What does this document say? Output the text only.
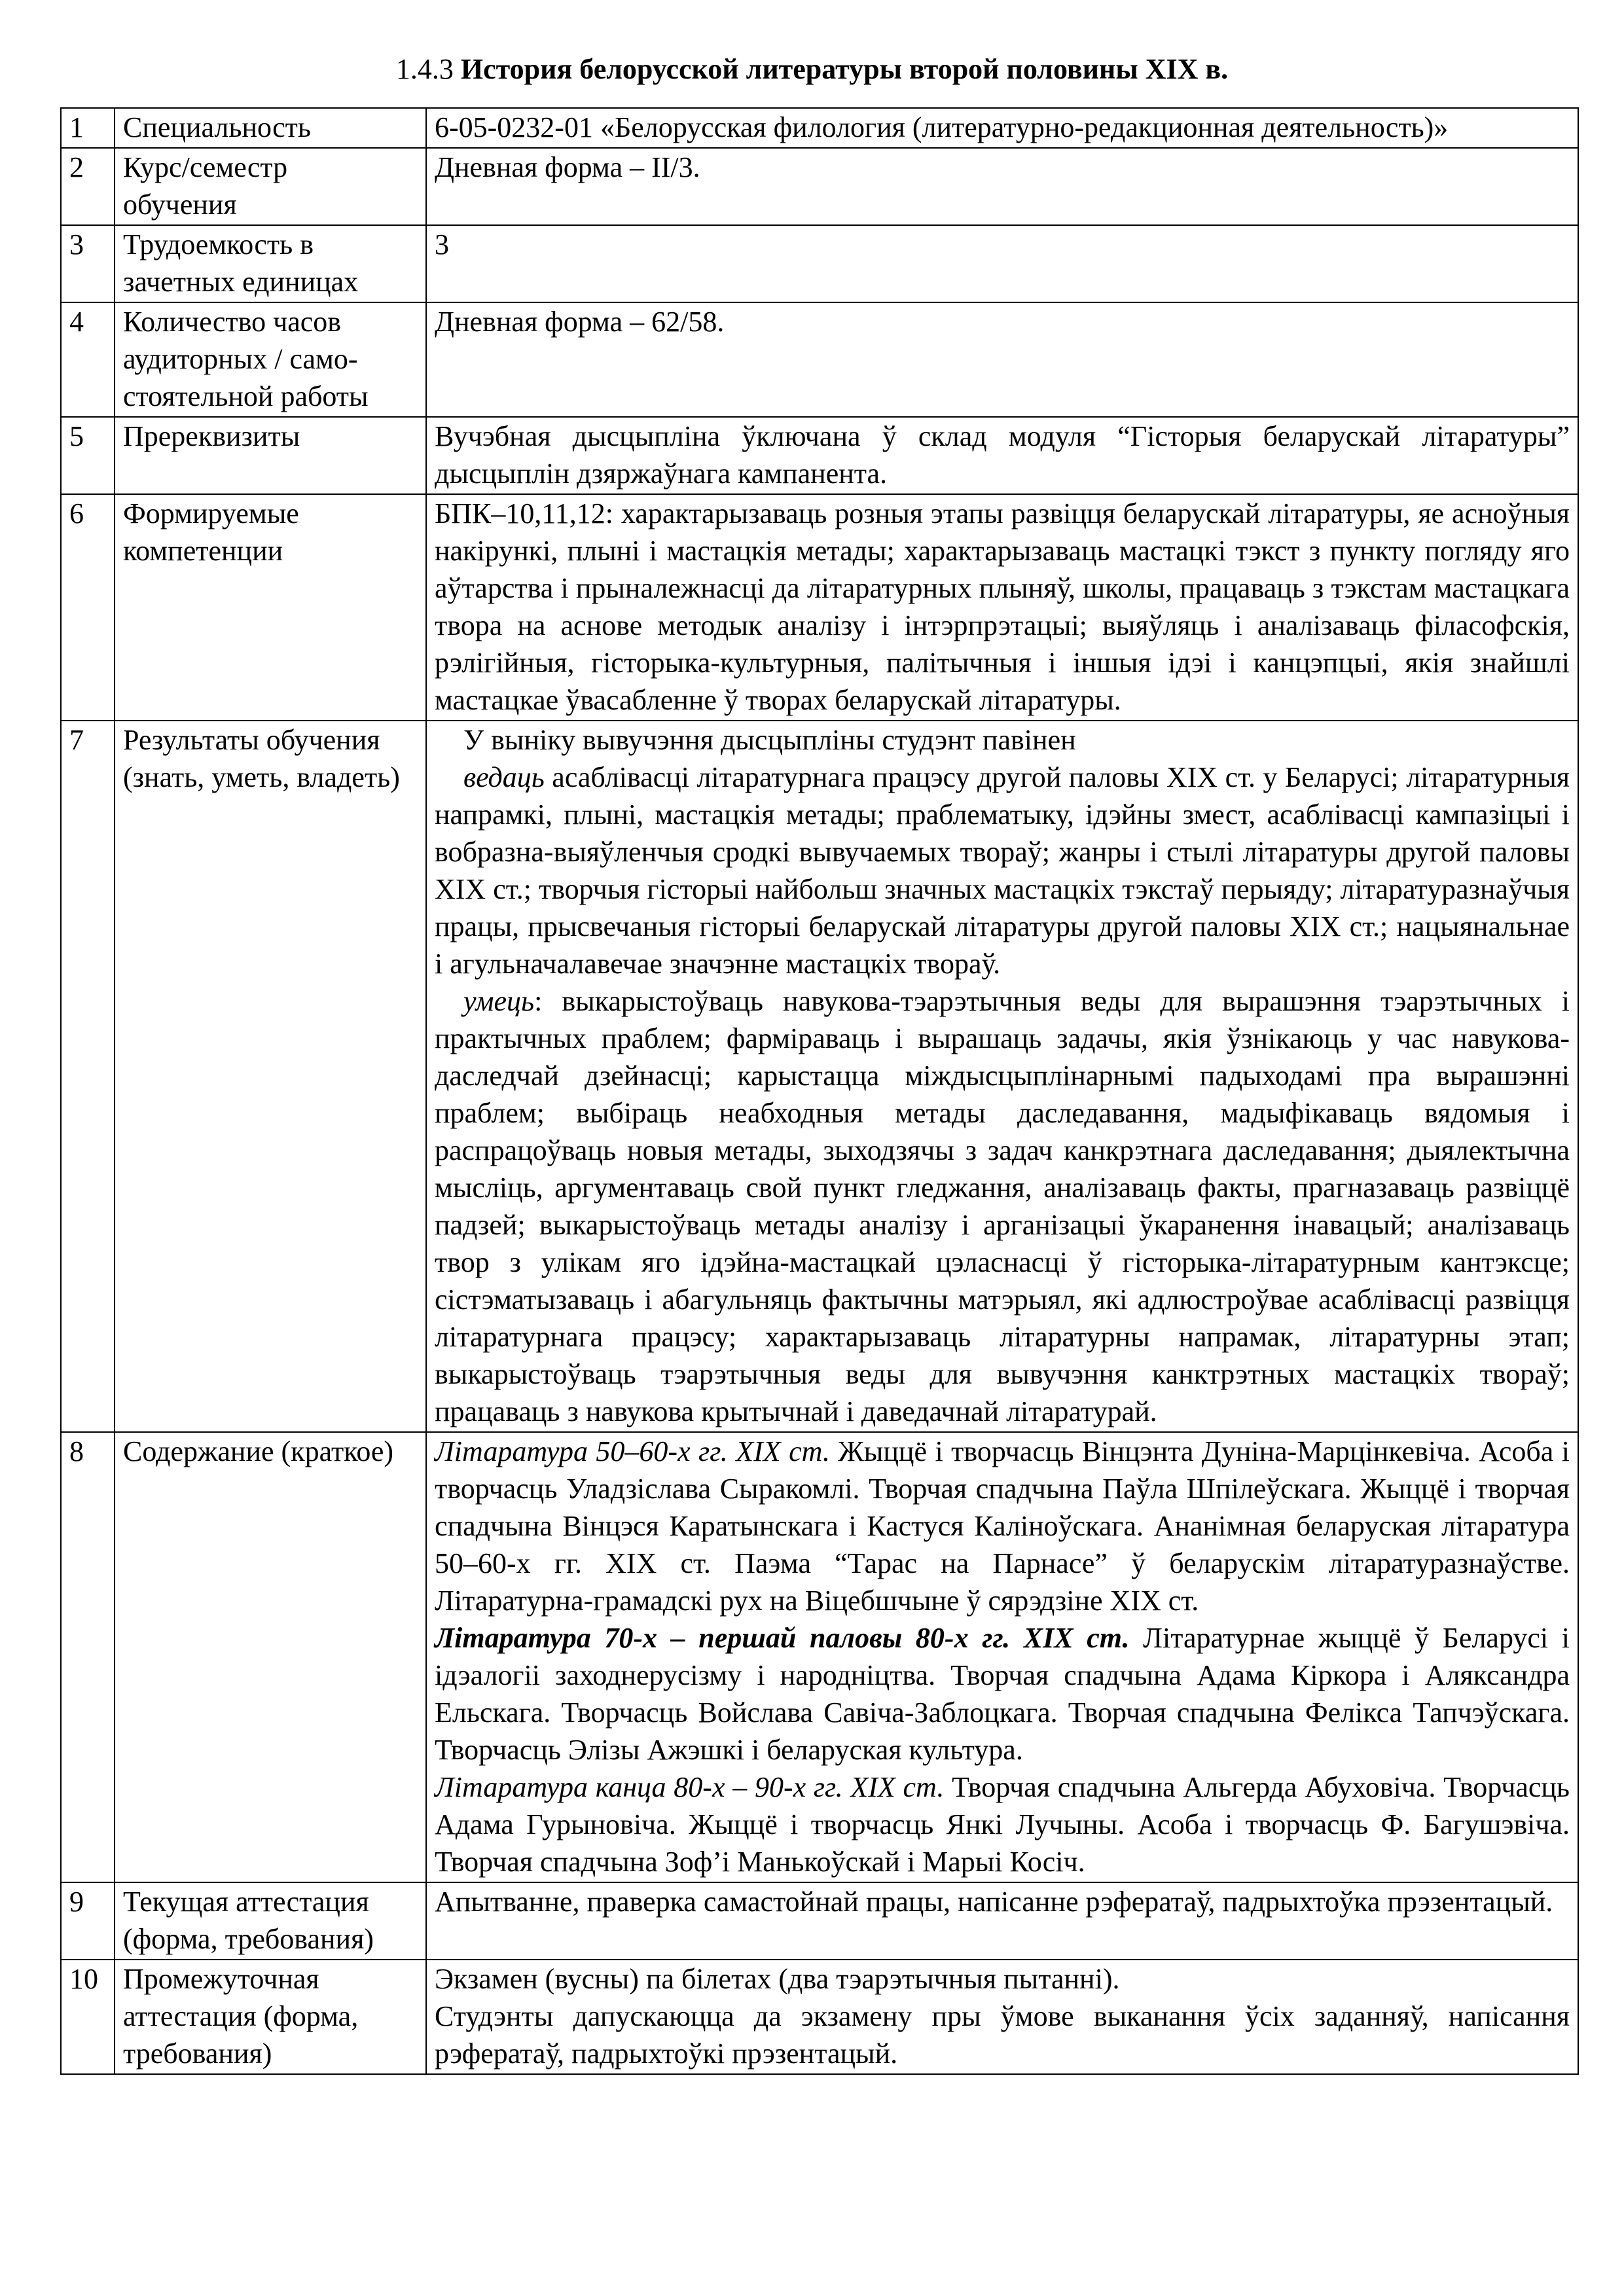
1.4.3 История белорусской литературы второй половины XIX в.
1	Специальность	6-05-0232-01 «Белорусская филология (литературно-редакционная деятельность)»
2	Курс/семестр обучения	Дневная форма – II/3.
3	Трудоемкость в зачетных единицах	3
4	Количество часов аудиторных / само-стоятельной работы	Дневная форма – 62/58.
5	Пререквизиты	Вучэбная дысцыпліна ўключана ў склад модуля “Гісторыя беларускай літаратуры” дысцыплін дзяржаўнага кампанента.
6	Формируемые компетенции	БПК–10,11,12: характарызаваць розныя этапы развіцця беларускай літаратуры, яе асноўныя накірункі, плыні і мастацкія метады; характарызаваць мастацкі тэкст з пункту погляду яго аўтарства і прыналежнасці да літаратурных плыняў, школы, працаваць з тэкстам мастацкага твора на аснове методык аналізу і інтэрпрэтацыі; выяўляць і аналізаваць філасофскія, рэлігійныя, гісторыка-культурныя, палітычныя і іншыя ідэі і канцэпцыі, якія знайшлі мастацкае ўвасабленне ў творах беларускай літаратуры.
7	Результаты обучения (знать, уметь, владеть)	У выніку вывучэння дысцыпліны студэнт павінен
ведаць асаблівасці літаратурнага працэсу другой паловы XIX ст. у Беларусі; літаратурныя напрамкі, плыні, мастацкія метады; праблематыку, ідэйны змест, асаблівасці кампазіцыі і вобразна-выяўленчыя сродкі вывучаемых твораў; жанры і стылі літаратуры другой паловы XIX ст.; творчыя гісторыі найбольш значных мастацкіх тэкстаў перыяду; літаратуразнаўчыя працы, прысвечаныя гісторыі беларускай літаратуры другой паловы XIX ст.; нацыянальнае і агульначалавечае значэнне мастацкіх твораў.
умець: выкарыстоўваць навукова-тэарэтычныя веды для вырашэння тэарэтычных і практычных праблем; фарміраваць і вырашаць задачы, якія ўзнікаюць у час навукова-даследчай дзейнасці; карыстацца міждысцыплінарнымі падыходамі пра вырашэнні праблем; выбіраць неабходныя метады даследавання, мадыфікаваць вядомыя і распрацоўваць новыя метады, зыходзячы з задач канкрэтнага даследавання; дыялектычна мысліць, аргументаваць свой пункт гледжання, аналізаваць факты, прагназаваць развіццё падзей; выкарыстоўваць метады аналізу і арганізацыі ўкаранення інавацый; аналізаваць твор з улікам яго ідэйна-мастацкай цэласнасці ў гісторыка-літаратурным кантэксце; сістэматызаваць і абагульняць фактычны матэрыял, які адлюстроўвае асаблівасці развіцця літаратурнага працэсу; характарызаваць літаратурны напрамак, літаратурны этап; выкарыстоўваць тэарэтычныя веды для вывучэння канктрэтных мастацкіх твораў; працаваць з навукова крытычнай і даведачнай літаратурай.

8	Содержание (краткое)	Літаратура 50–60-х гг. XIX ст. Жыццё і творчасць Вінцэнта Дуніна-Марцінкевіча. Асоба і творчасць Уладзіслава Сыракомлі. Творчая спадчына Паўла Шпілеўскага. Жыццё і творчая спадчына Вінцэся Каратынскага і Кастуся Каліноўскага. Ананімная беларуская літаратура 50–60-х гг. XIX ст. Паэма “Тарас на Парнасе” ў беларускім літаратуразнаўстве. Літаратурна-грамадскі рух на Віцебшчыне ў сярэдзіне XIX ст.
Літаратура 70-х – першай паловы 80-х гг. XIX ст. Літаратурнае жыццё ў Беларусі і ідэалогіі заходнерусізму і народніцтва. Творчая спадчына Адама Кіркора і Аляксандра Ельскага. Творчасць Войслава Савіча-Заблоцкага. Творчая спадчына Фелікса Тапчэўскага. Творчасць Элізы Ажэшкі і беларуская культура.
Літаратура канца 80-х – 90-х гг. XIX ст. Творчая спадчына Альгерда Абуховіча. Творчасць Адама Гурыновіча. Жыццё і творчасць Янкі Лучыны. Асоба і творчасць Ф. Багушэвіча. Творчая спадчына Зоф’і Манькоўскай і Марыі Косіч.

9	Текущая аттестация (форма, требования)	Апытванне, праверка самастойнай працы, напісанне рэфератаў, падрыхтоўка прэзентацый.
10	Промежуточная аттестация (форма, требования)	Экзамен (вусны) па білетах (два тэарэтычныя пытанні).
Студэнты дапускаюцца да экзамену пры ўмове выканання ўсіх заданняў, напісання рэфератаў, падрыхтоўкі прэзентацый.
